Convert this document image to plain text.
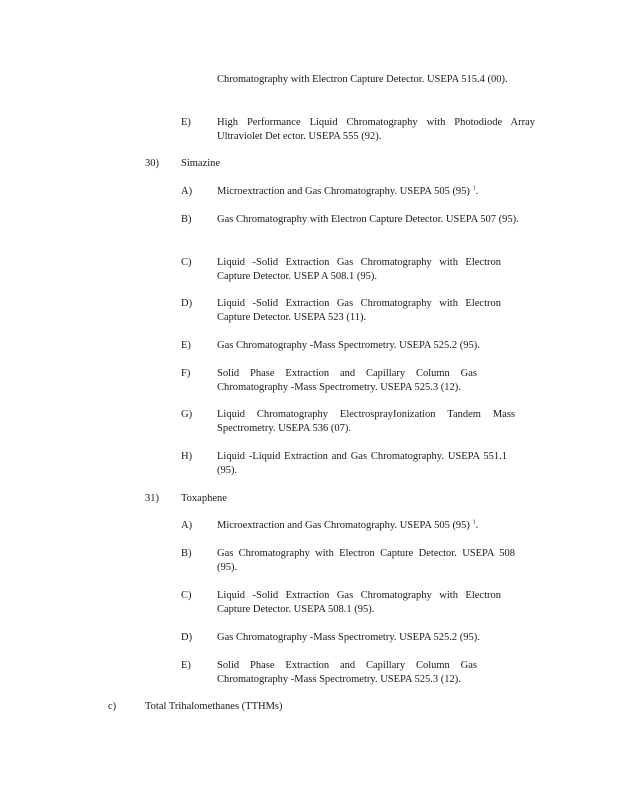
Chromatography with Electron Capture Detector. USEPA 515.4 (00).
E) High Performance Liquid Chromatography with Photodiode Array Ultraviolet Det ector. USEPA 555 (92).
30) Simazine
A) Microextraction and Gas Chromatography. USEPA 505 (95) $^1$.
B) Gas Chromatography with Electron Capture Detector. USEPA 507 (95).
C) Liquid -Solid Extraction Gas Chromatography with Electron Capture Detector. USEP A 508.1 (95).
D) Liquid -Solid Extraction Gas Chromatography with Electron Capture Detector. USEPA 523 (11).
E) Gas Chromatography -Mass Spectrometry. USEPA 525.2 (95).
F)	Solid Phase Extraction and Capillary Column Gas Chromatography -Mass Spectrometry. USEPA 525.3 (12).
G) Liquid Chromatography ElectrosprayIonization Tandem Mass Spectrometry. USEPA 536 (07).
H) Liquid -Liquid Extraction and Gas Chromatography. USEPA 551.1 (95).
31) Toxaphene
A) Microextraction and Gas Chromatography. USEPA 505 (95) $^1$.
B) Gas Chromatography with Electron Capture Detector. USEPA 508 (95).
C) Liquid -Solid Extraction Gas Chromatography with Electron Capture Detector. USEPA 508.1 (95).
D) Gas Chromatography -Mass Spectrometry. USEPA 525.2 (95).
E) Solid Phase Extraction and Capillary Column Gas Chromatography -Mass Spectrometry. USEPA 525.3 (12).
c)	Total Trihalomethanes (TTHMs)
